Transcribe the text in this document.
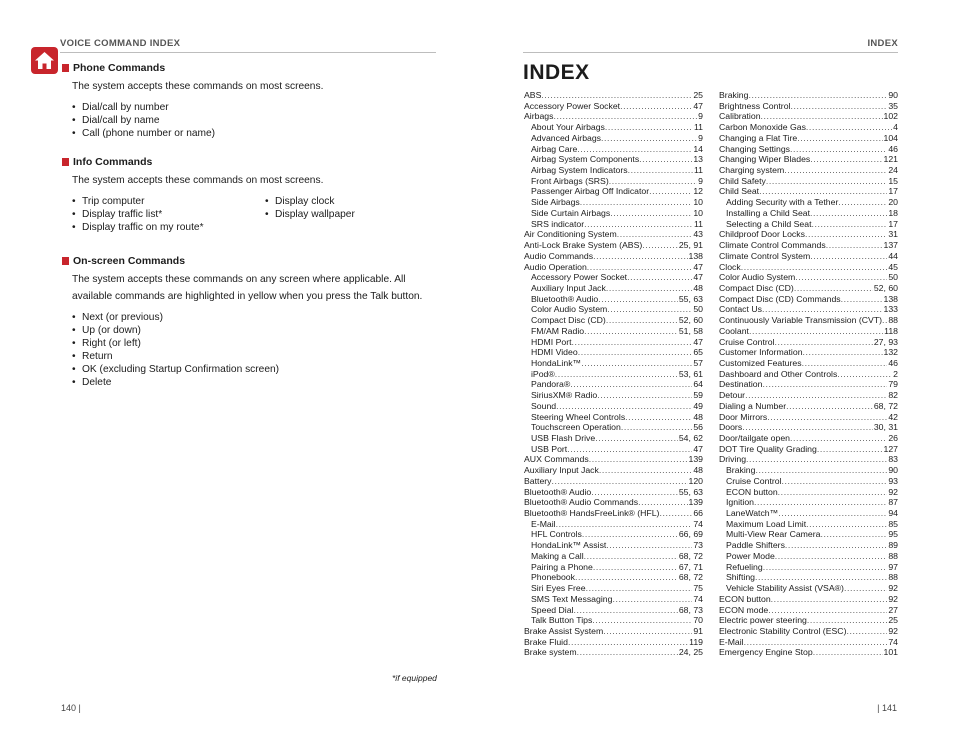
VOICE COMMAND INDEX	INDEX
Phone Commands
The system accepts these commands on most screens.
• Dial/call by number
• Dial/call by name
• Call (phone number or name)
Info Commands
The system accepts these commands on most screens.
• Trip computer
• Display traffic list*
• Display traffic on my route*
• Display clock
• Display wallpaper
On-screen Commands
The system accepts these commands on any screen where applicable. All available commands are highlighted in yellow when you press the Talk button.
• Next (or previous)
• Up (or down)
• Right (or left)
• Return
• OK (excluding Startup Confirmation screen)
• Delete
*if equipped
INDEX
ABS .....	25
Accessory Power Socket .....	47
Airbags .....	9
About Your Airbags .....	11
Advanced Airbags .....	9
Airbag Care .....	14
Airbag System Components .....	13
Airbag System Indicators .....	11
Front Airbags (SRS) .....	9
Passenger Airbag Off Indicator .....	12
Side Airbags .....	10
Side Curtain Airbags .....	10
SRS indicator .....	11
Air Conditioning System .....	43
Anti-Lock Brake System (ABS) .....	25, 91
Audio Commands .....	138
Audio Operation .....	47
Accessory Power Socket .....	47
Auxiliary Input Jack .....	48
Bluetooth® Audio .....	55, 63
Color Audio System .....	50
Compact Disc (CD) .....	52, 60
FM/AM Radio .....	51, 58
HDMI Port .....	47
HDMI Video .....	65
HondaLink™ .....	57
iPod® .....	53, 61
Pandora® .....	64
SiriusXM® Radio .....	59
Sound .....	49
Steering Wheel Controls .....	48
Touchscreen Operation .....	56
USB Flash Drive .....	54, 62
USB Port .....	47
AUX Commands .....	139
Auxiliary Input Jack .....	48
Battery .....	120
Bluetooth® Audio .....	55, 63
Bluetooth® Audio Commands .....	139
Bluetooth® HandsFreeLink® (HFL) .....	66
E-Mail .....	74
HFL Controls .....	66, 69
HondaLink™ Assist .....	73
Making a Call .....	68, 72
Pairing a Phone .....	67, 71
Phonebook .....	68, 72
Siri Eyes Free .....	75
SMS Text Messaging .....	74
Speed Dial .....	68, 73
Talk Button Tips .....	70
Brake Assist System .....	91
Brake Fluid .....	119
Brake system .....	24, 25
Braking .....	90
Brightness Control .....	35
Calibration .....	102
Carbon Monoxide Gas .....	4
Changing a Flat Tire .....	104
Changing Settings .....	46
Changing Wiper Blades .....	121
Charging system .....	24
Child Safety .....	15
Child Seat .....	17
Adding Security with a Tether .....	20
Installing a Child Seat .....	18
Selecting a Child Seat .....	17
Childproof Door Locks .....	31
Climate Control Commands .....	137
Climate Control System .....	44
Clock .....	45
Color Audio System .....	50
Compact Disc (CD) .....	52, 60
Compact Disc (CD) Commands .....	138
Contact Us .....	133
Continuously Variable Transmission (CVT) ..... 88
Coolant .....	118
Cruise Control .....	27, 93
Customer Information .....	132
Customized Features .....	46
Dashboard and Other Controls .....	2
Destination .....	79
Detour .....	82
Dialing a Number .....	68, 72
Door Mirrors .....	42
Doors .....	30, 31
Door/tailgate open .....	26
DOT Tire Quality Grading .....	127
Driving .....	83
Braking .....	90
Cruise Control .....	93
ECON button .....	92
Ignition .....	87
LaneWatch™ .....	94
Maximum Load Limit .....	85
Multi-View Rear Camera .....	95
Paddle Shifters .....	89
Power Mode .....	88
Refueling .....	97
Shifting .....	88
Vehicle Stability Assist (VSA®) .....	92
ECON button .....	92
ECON mode .....	27
Electric power steering .....	25
Electronic Stability Control (ESC) .....	92
E-Mail .....	74
Emergency Engine Stop .....	101
140 |	| 141
